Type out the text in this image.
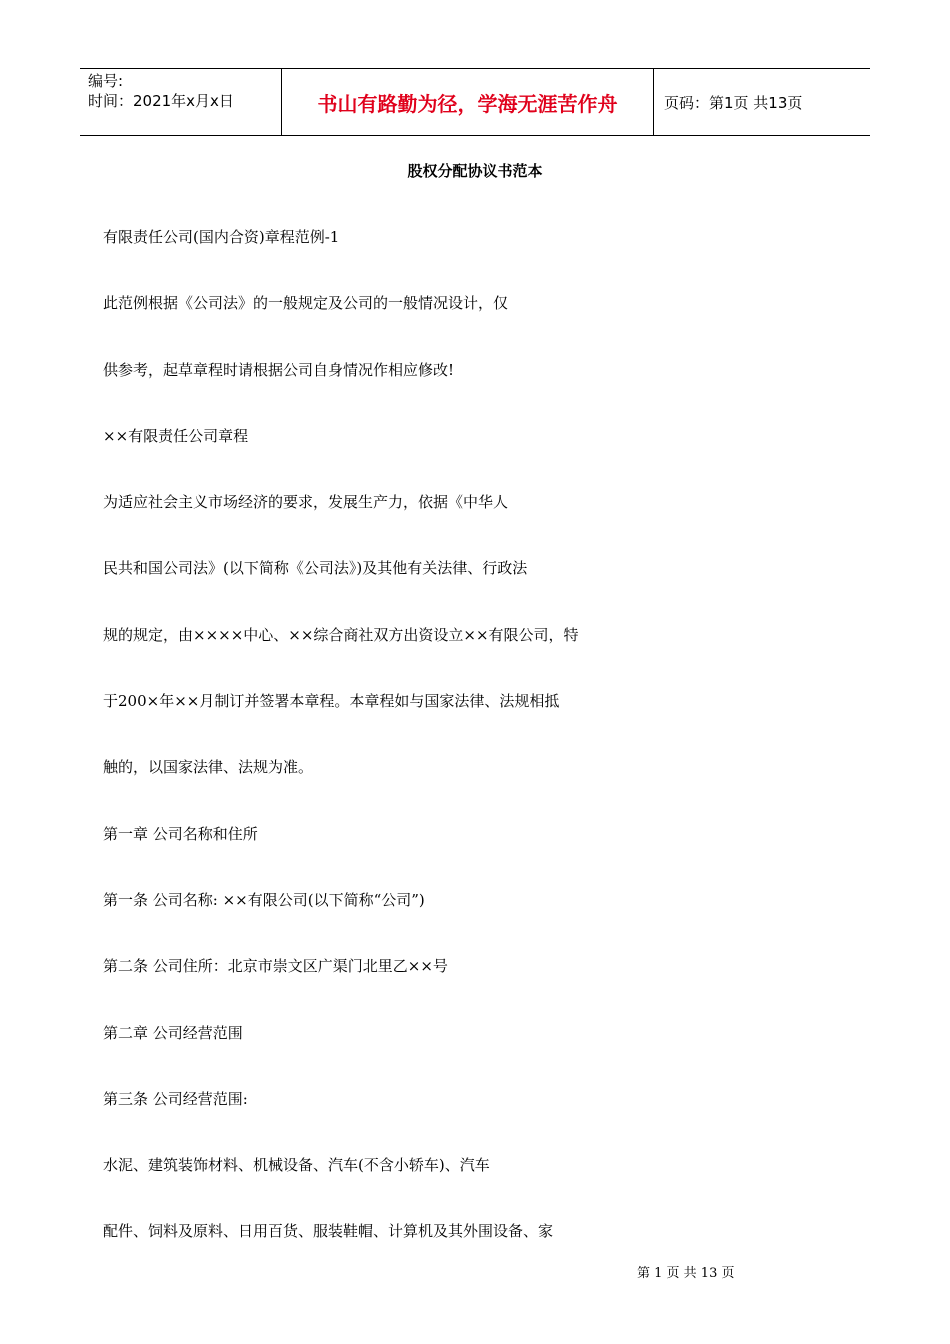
编号:
时间：2021年x月x日	书山有路勤为径，学海无涯苦作舟	页码：第1页 共13页
股权分配协议书范本
有限责任公司(国内合资)章程范例-1
此范例根据《公司法》的一般规定及公司的一般情况设计，仅
供参考，起草章程时请根据公司自身情况作相应修改!
××有限责任公司章程
为适应社会主义市场经济的要求，发展生产力，依据《中华人
民共和国公司法》(以下简称《公司法》)及其他有关法律、行政法
规的规定，由××××中心、××综合商社双方出资设立××有限公司，特
于200×年××月制订并签署本章程。本章程如与国家法律、法规相抵
触的，以国家法律、法规为准。
第一章 公司名称和住所
第一条 公司名称: ××有限公司(以下简称“公司”)
第二条 公司住所：北京市崇文区广渠门北里乙××号
第二章 公司经营范围
第三条 公司经营范围:
水泥、建筑装饰材料、机械设备、汽车(不含小轿车)、汽车
配件、饲料及原料、日用百货、服装鞋帽、计算机及其外围设备、家
第 1 页 共 13 页
